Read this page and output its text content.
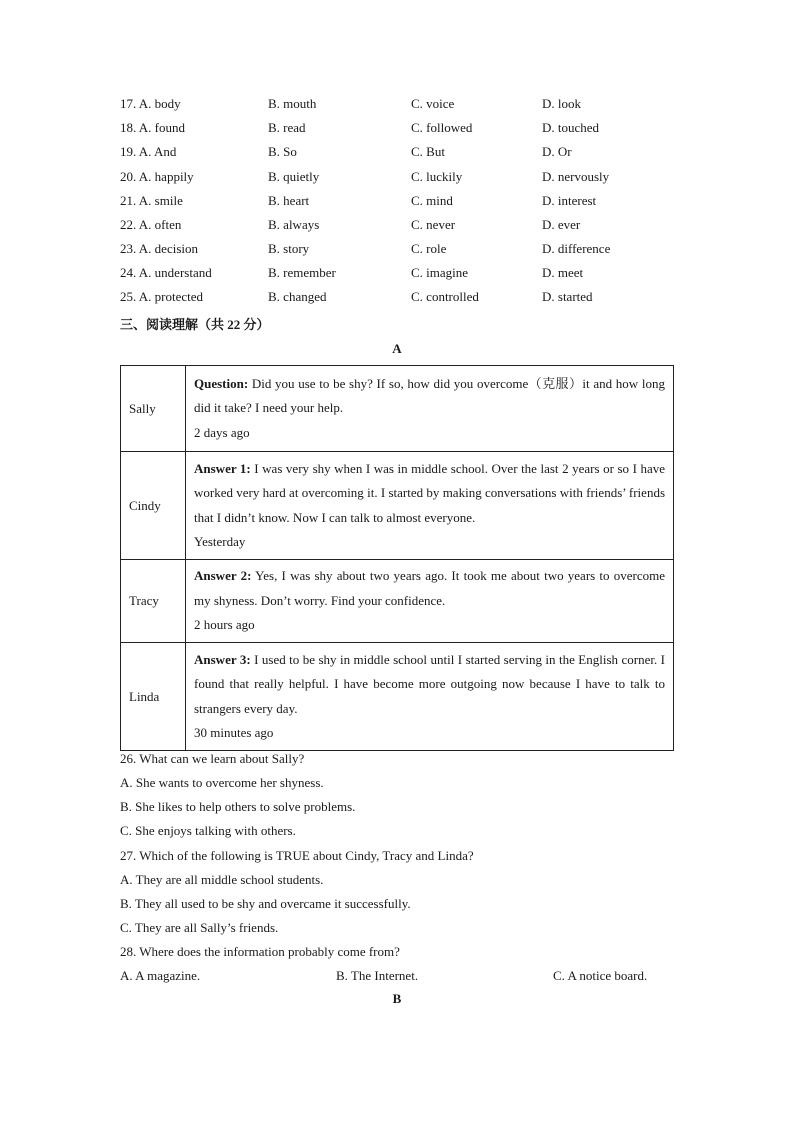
17. A. body	B. mouth	C. voice	D. look
18. A. found	B. read	C. followed	D. touched
19. A. And	B. So	C. But	D. Or
20. A. happily	B. quietly	C. luckily	D. nervously
21. A. smile	B. heart	C. mind	D. interest
22. A. often	B. always	C. never	D. ever
23. A. decision	B. story	C. role	D. difference
24. A. understand	B. remember	C. imagine	D. meet
25. A. protected	B. changed	C. controlled	D. started
三、阅读理解（共 22 分）
A
Sally	Question: Did you use to be shy? If so, how did you overcome（克服）it and how long did it take? I need your help.
2 days ago
Cindy	Answer 1: I was very shy when I was in middle school. Over the last 2 years or so I have worked very hard at overcoming it. I started by making conversations with friends’ friends that I didn’t know. Now I can talk to almost everyone.
Yesterday
Tracy	Answer 2: Yes, I was shy about two years ago. It took me about two years to overcome my shyness. Don’t worry. Find your confidence.
2 hours ago
Linda	Answer 3: I used to be shy in middle school until I started serving in the English corner. I found that really helpful. I have become more outgoing now because I have to talk to strangers every day.
30 minutes ago
26. What can we learn about Sally?
A. She wants to overcome her shyness.
B. She likes to help others to solve problems.
C. She enjoys talking with others.
27. Which of the following is TRUE about Cindy, Tracy and Linda?
A. They are all middle school students.
B. They all used to be shy and overcame it successfully.
C. They are all Sally’s friends.
28. Where does the information probably come from?
A. A magazine.	B. The Internet.	C. A notice board.
B
